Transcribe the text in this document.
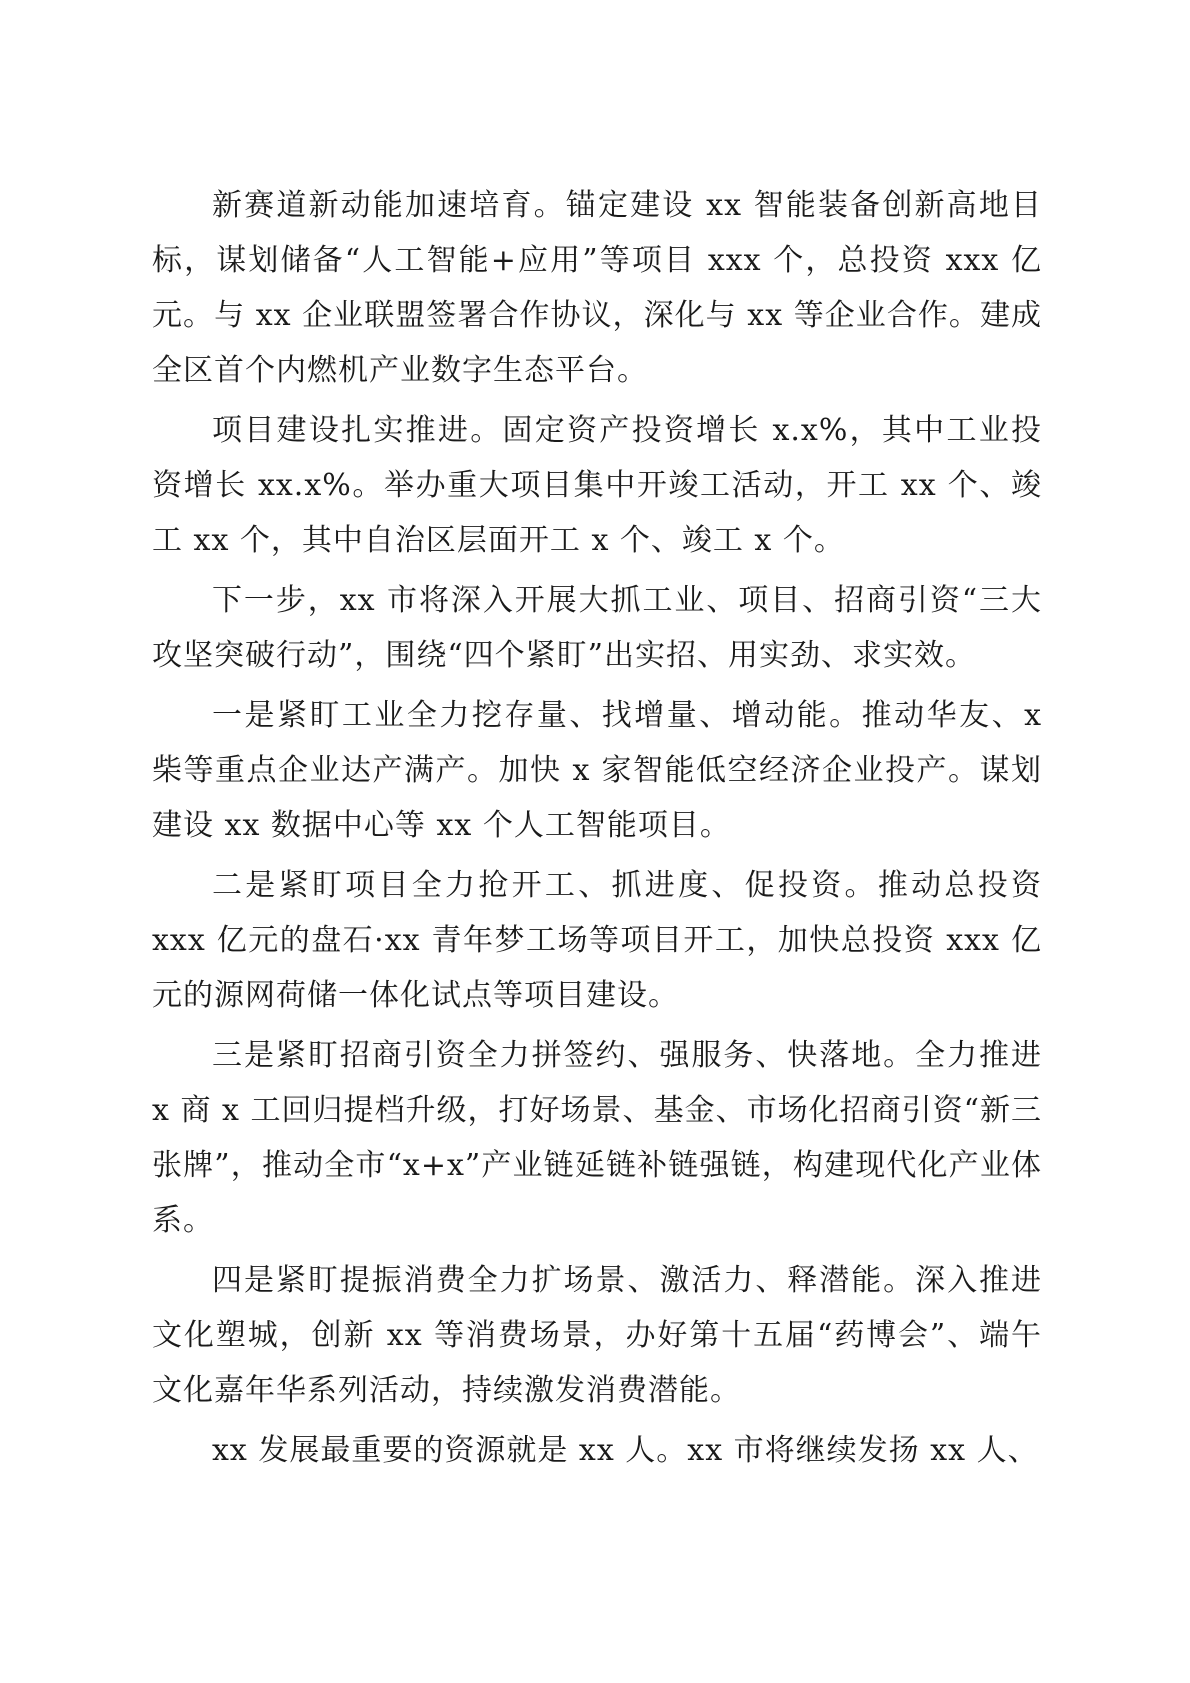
新赛道新动能加速培育。锚定建设 xx 智能装备创新高地目标，谋划储备“人工智能+应用”等项目 xxx 个，总投资 xxx 亿元。与 xx 企业联盟签署合作协议，深化与 xx 等企业合作。建成全区首个内燃机产业数字生态平台。

项目建设扎实推进。固定资产投资增长 x.x%，其中工业投资增长 xx.x%。举办重大项目集中开竣工活动，开工 xx 个、竣工 xx 个，其中自治区层面开工 x 个、竣工 x 个。

下一步，xx 市将深入开展大抓工业、项目、招商引资“三大攻坚突破行动”，围绕“四个紧盯”出实招、用实劲、求实效。

一是紧盯工业全力挖存量、找增量、增动能。推动华友、x 柴等重点企业达产满产。加快 x 家智能低空经济企业投产。谋划建设 xx 数据中心等 xx 个人工智能项目。

二是紧盯项目全力抢开工、抓进度、促投资。推动总投资 xxx 亿元的盘石·xx 青年梦工场等项目开工，加快总投资 xxx 亿元的源网荷储一体化试点等项目建设。

三是紧盯招商引资全力拼签约、强服务、快落地。全力推进 x 商 x 工回归提档升级，打好场景、基金、市场化招商引资“新三张牌”，推动全市“x+x”产业链延链补链强链，构建现代化产业体系。

四是紧盯提振消费全力扩场景、激活力、释潜能。深入推进文化塑城，创新 xx 等消费场景，办好第十五届“药博会”、端午文化嘉年华系列活动，持续激发消费潜能。

xx 发展最重要的资源就是 xx 人。xx 市将继续发扬 xx 人、
